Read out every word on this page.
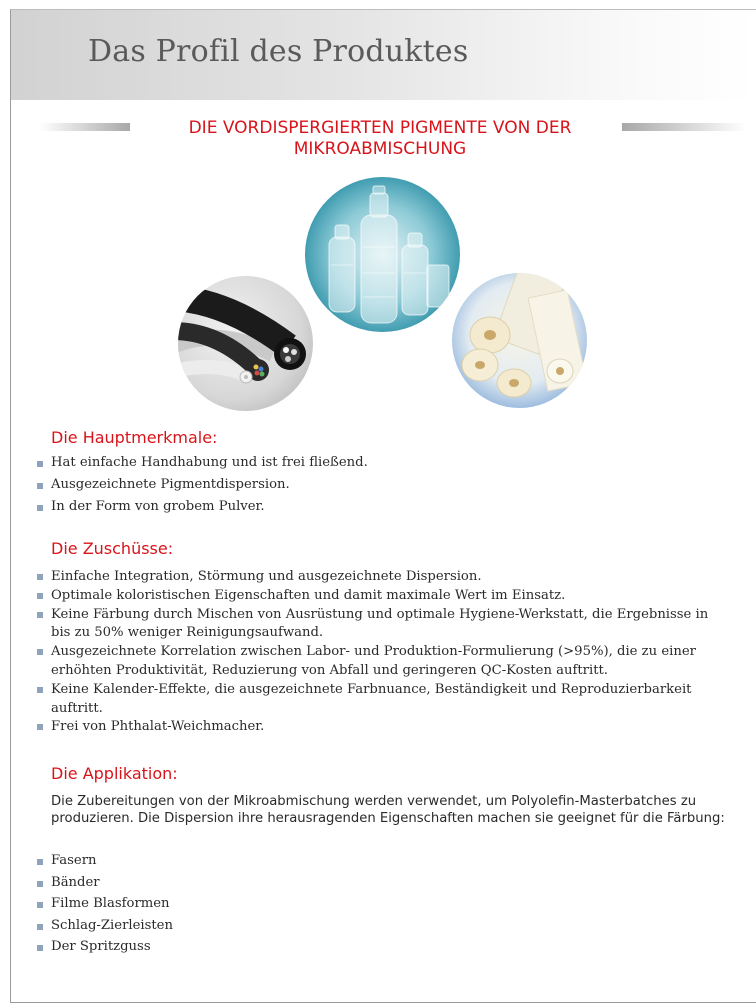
Das Profil des Produktes
DIE VORDISPERGIERTEN PIGMENTE VON DER MIKROABMISCHUNG
Die Hauptmerkmale:
Hat einfache Handhabung und ist frei fließend.
Ausgezeichnete Pigmentdispersion.
In der Form von grobem Pulver.
Die Zuschüsse:
Einfache Integration, Störmung und ausgezeichnete Dispersion.
Optimale koloristischen Eigenschaften und damit maximale Wert im Einsatz.
Keine Färbung durch Mischen von Ausrüstung und optimale Hygiene-Werkstatt, die Ergebnisse in bis zu 50% weniger Reinigungsaufwand.
Ausgezeichnete Korrelation zwischen Labor- und Produktion-Formulierung (>95%), die zu einer erhöhten Produktivität, Reduzierung von Abfall und geringeren QC-Kosten auftritt.
Keine Kalender-Effekte, die ausgezeichnete Farbnuance, Beständigkeit und Reproduzierbarkeit auftritt.
Frei von Phthalat-Weichmacher.
Die Applikation:
Die Zubereitungen von der Mikroabmischung werden verwendet, um Polyolefin-Masterbatches zu produzieren. Die Dispersion ihre herausragenden Eigenschaften machen sie geeignet für die Färbung:
Fasern
Bänder
Filme Blasformen
Schlag-Zierleisten
Der Spritzguss
